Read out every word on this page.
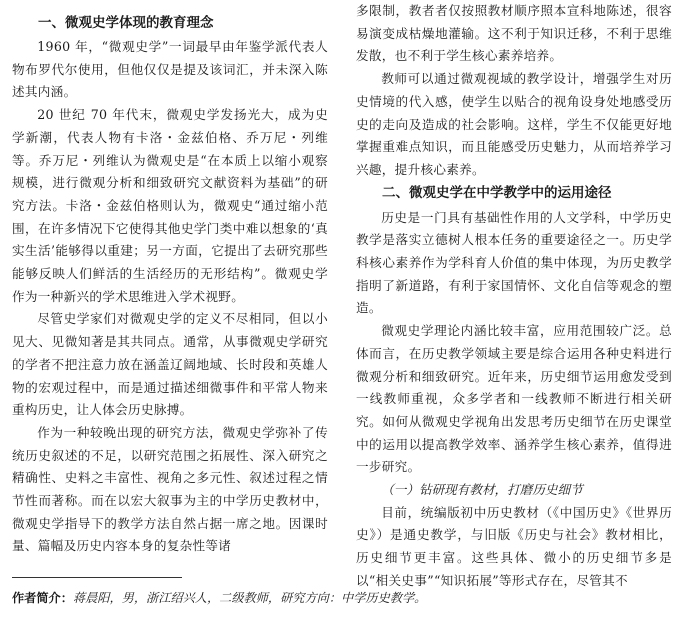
一、微观史学体现的教育理念

1960 年，“微观史学”一词最早由年鉴学派代表人物布罗代尔使用，但他仅仅是提及该词汇，并未深入陈述其内涵。

20 世纪 70 年代末，微观史学发扬光大，成为史学新潮，代表人物有卡洛・金兹伯格、乔万尼・列维等。乔万尼・列维认为微观史是“在本质上以缩小观察规模，进行微观分析和细致研究文献资料为基础”的研究方法。卡洛・金兹伯格则认为，微观史“通过缩小范围，在许多情况下它使得其他史学门类中难以想象的‘真实生活’能够得以重建；另一方面，它提出了去研究那些能够反映人们鲜活的生活经历的无形结构”。微观史学作为一种新兴的学术思维进入学术视野。

尽管史学家们对微观史学的定义不尽相同，但以小见大、见微知著是其共同点。通常，从事微观史学研究的学者不把注意力放在涵盖辽阔地域、长时段和英雄人物的宏观过程中，而是通过描述细微事件和平常人物来重构历史，让人体会历史脉搏。

作为一种较晚出现的研究方法，微观史学弥补了传统历史叙述的不足，以研究范围之拓展性、深入研究之精确性、史料之丰富性、视角之多元性、叙述过程之情节性而著称。而在以宏大叙事为主的中学历史教材中，微观史学指导下的教学方法自然占据一席之地。因课时量、篇幅及历史内容本身的复杂性等诸

多限制，教者者仅按照教材顺序照本宣科地陈述，很容易演变成枯燥地灌输。这不利于知识迁移，不利于思维发散，也不利于学生核心素养培养。

教师可以通过微观视域的教学设计，增强学生对历史情境的代入感，使学生以贴合的视角设身处地感受历史的走向及造成的社会影响。这样，学生不仅能更好地掌握重难点知识，而且能感受历史魅力，从而培养学习兴趣，提升核心素养。

二、微观史学在中学教学中的运用途径

历史是一门具有基础性作用的人文学科，中学历史教学是落实立德树人根本任务的重要途径之一。历史学科核心素养作为学科育人价值的集中体现，为历史教学指明了新道路，有利于家国情怀、文化自信等观念的塑造。

微观史学理论内涵比较丰富，应用范围较广泛。总体而言，在历史教学领域主要是综合运用各种史料进行微观分析和细致研究。近年来，历史细节运用愈发受到一线教师重视，众多学者和一线教师不断进行相关研究。如何从微观史学视角出发思考历史细节在历史课堂中的运用以提高教学效率、涵养学生核心素养，值得进一步研究。

（一）钻研现有教材，打磨历史细节

目前，统编版初中历史教材（《中国历史》《世界历史》）是通史教学，与旧版《历史与社会》教材相比，历史细节更丰富。这些具体、微小的历史细节多是以“相关史事”“知识拓展”等形式存在，尽管其不

作者简介：蒋晨阳，男，浙江绍兴人，二级教师，研究方向：中学历史教学。
